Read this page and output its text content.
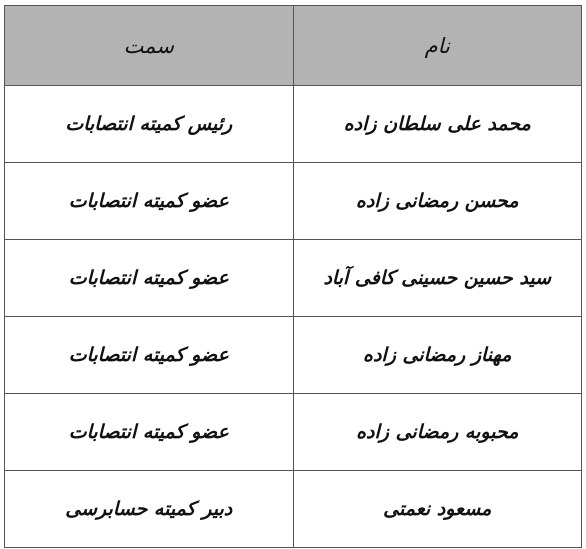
نام	سمت
محمد علی سلطان زاده	رئیس کمیته انتصابات
محسن رمضانی زاده	عضو کمیته انتصابات
سید حسین حسینی کافی آباد	عضو کمیته انتصابات
مهناز رمضانی زاده	عضو کمیته انتصابات
محبوبه رمضانی زاده	عضو کمیته انتصابات
مسعود نعمتی	دبیر کمیته حسابرسی
